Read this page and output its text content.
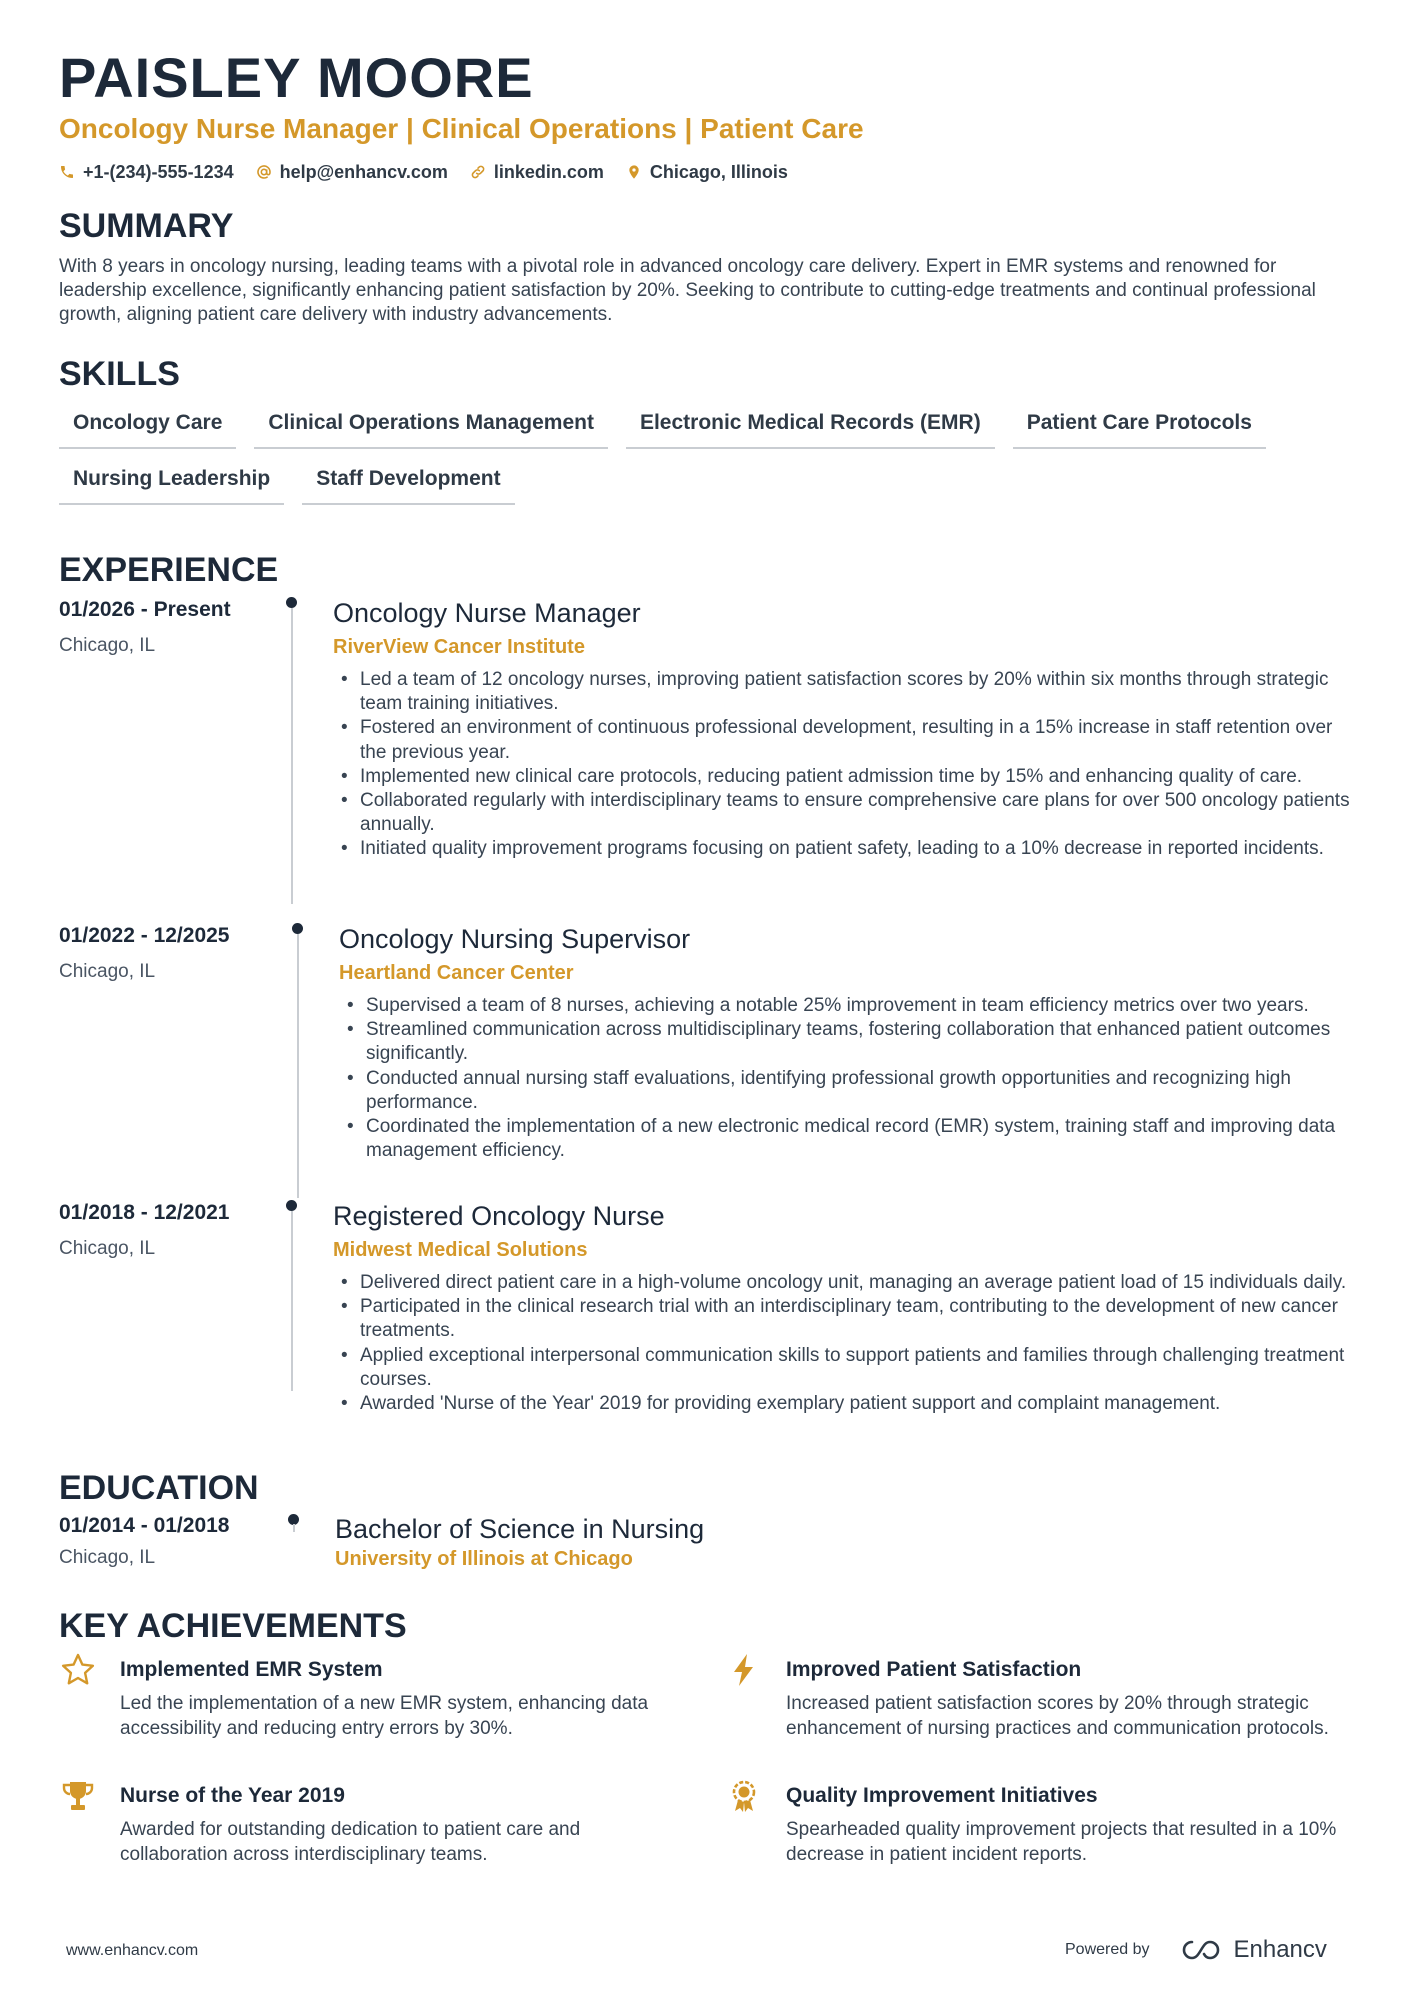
PAISLEY MOORE
Oncology Nurse Manager | Clinical Operations | Patient Care
+1-(234)-555-1234	help@enhancv.com	linkedin.com	Chicago, Illinois
SUMMARY
With 8 years in oncology nursing, leading teams with a pivotal role in advanced oncology care delivery. Expert in EMR systems and renowned for leadership excellence, significantly enhancing patient satisfaction by 20%. Seeking to contribute to cutting-edge treatments and continual professional growth, aligning patient care delivery with industry advancements.
SKILLS
Oncology Care	Clinical Operations Management	Electronic Medical Records (EMR)	Patient Care Protocols
Nursing Leadership	Staff Development
EXPERIENCE
01/2026 - Present
Chicago, IL
Oncology Nurse Manager
RiverView Cancer Institute
• Led a team of 12 oncology nurses, improving patient satisfaction scores by 20% within six months through strategic team training initiatives.
• Fostered an environment of continuous professional development, resulting in a 15% increase in staff retention over the previous year.
• Implemented new clinical care protocols, reducing patient admission time by 15% and enhancing quality of care.
• Collaborated regularly with interdisciplinary teams to ensure comprehensive care plans for over 500 oncology patients annually.
• Initiated quality improvement programs focusing on patient safety, leading to a 10% decrease in reported incidents.
01/2022 - 12/2025
Chicago, IL
Oncology Nursing Supervisor
Heartland Cancer Center
• Supervised a team of 8 nurses, achieving a notable 25% improvement in team efficiency metrics over two years.
• Streamlined communication across multidisciplinary teams, fostering collaboration that enhanced patient outcomes significantly.
• Conducted annual nursing staff evaluations, identifying professional growth opportunities and recognizing high performance.
• Coordinated the implementation of a new electronic medical record (EMR) system, training staff and improving data management efficiency.
01/2018 - 12/2021
Chicago, IL
Registered Oncology Nurse
Midwest Medical Solutions
• Delivered direct patient care in a high-volume oncology unit, managing an average patient load of 15 individuals daily.
• Participated in the clinical research trial with an interdisciplinary team, contributing to the development of new cancer treatments.
• Applied exceptional interpersonal communication skills to support patients and families through challenging treatment courses.
• Awarded 'Nurse of the Year' 2019 for providing exemplary patient support and complaint management.
EDUCATION
01/2014 - 01/2018
Chicago, IL
Bachelor of Science in Nursing
University of Illinois at Chicago
KEY ACHIEVEMENTS
Implemented EMR System
Led the implementation of a new EMR system, enhancing data accessibility and reducing entry errors by 30%.
Improved Patient Satisfaction
Increased patient satisfaction scores by 20% through strategic enhancement of nursing practices and communication protocols.
Nurse of the Year 2019
Awarded for outstanding dedication to patient care and collaboration across interdisciplinary teams.
Quality Improvement Initiatives
Spearheaded quality improvement projects that resulted in a 10% decrease in patient incident reports.
www.enhancv.com	Powered by	Enhancv
